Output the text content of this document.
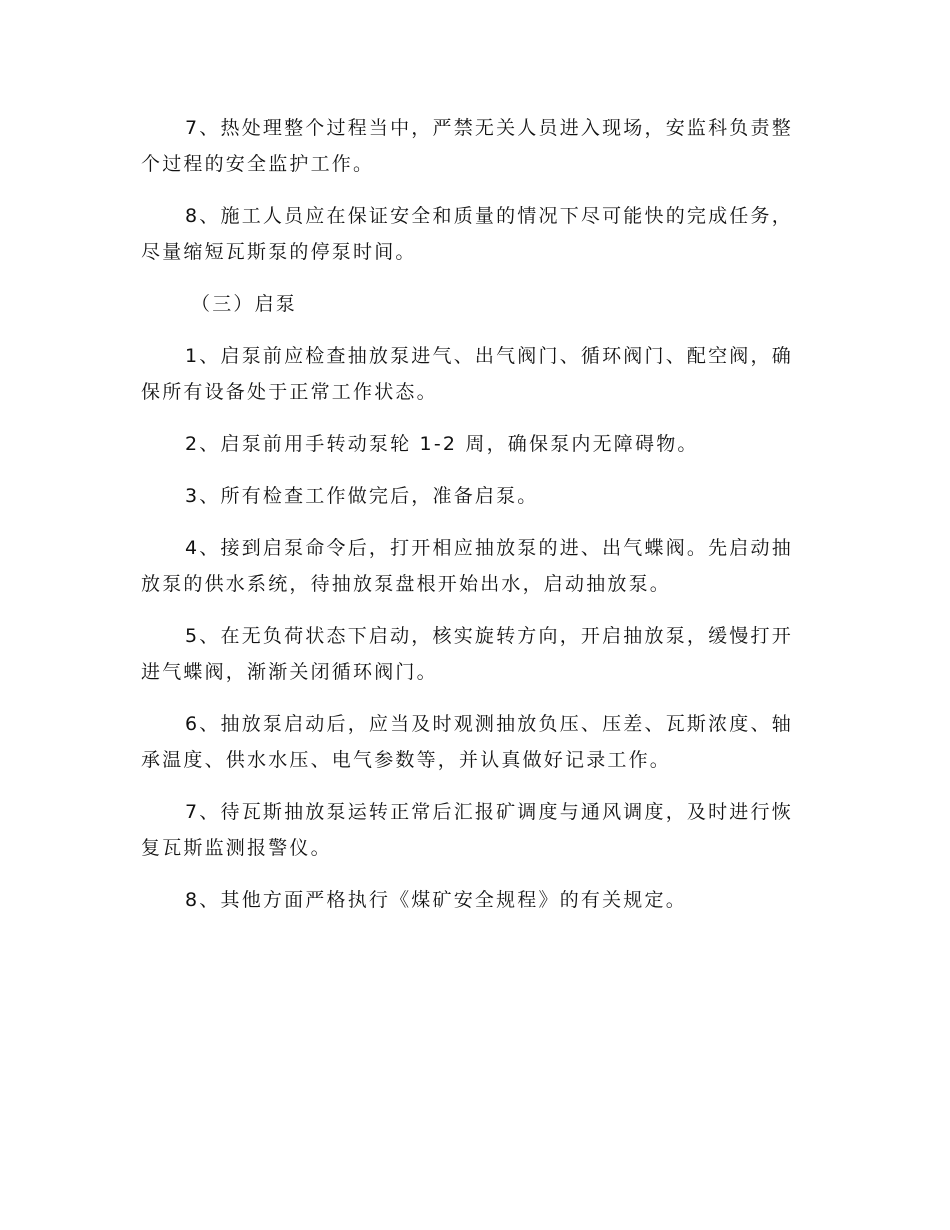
7、热处理整个过程当中，严禁无关人员进入现场，安监科负责整个过程的安全监护工作。

8、施工人员应在保证安全和质量的情况下尽可能快的完成任务，尽量缩短瓦斯泵的停泵时间。

（三）启泵

1、启泵前应检查抽放泵进气、出气阀门、循环阀门、配空阀，确保所有设备处于正常工作状态。

2、启泵前用手转动泵轮 1-2 周，确保泵内无障碍物。

3、所有检查工作做完后，准备启泵。

4、接到启泵命令后，打开相应抽放泵的进、出气蝶阀。先启动抽放泵的供水系统，待抽放泵盘根开始出水，启动抽放泵。

5、在无负荷状态下启动，核实旋转方向，开启抽放泵，缓慢打开进气蝶阀，渐渐关闭循环阀门。

6、抽放泵启动后，应当及时观测抽放负压、压差、瓦斯浓度、轴承温度、供水水压、电气参数等，并认真做好记录工作。

7、待瓦斯抽放泵运转正常后汇报矿调度与通风调度，及时进行恢复瓦斯监测报警仪。

8、其他方面严格执行《煤矿安全规程》的有关规定。
